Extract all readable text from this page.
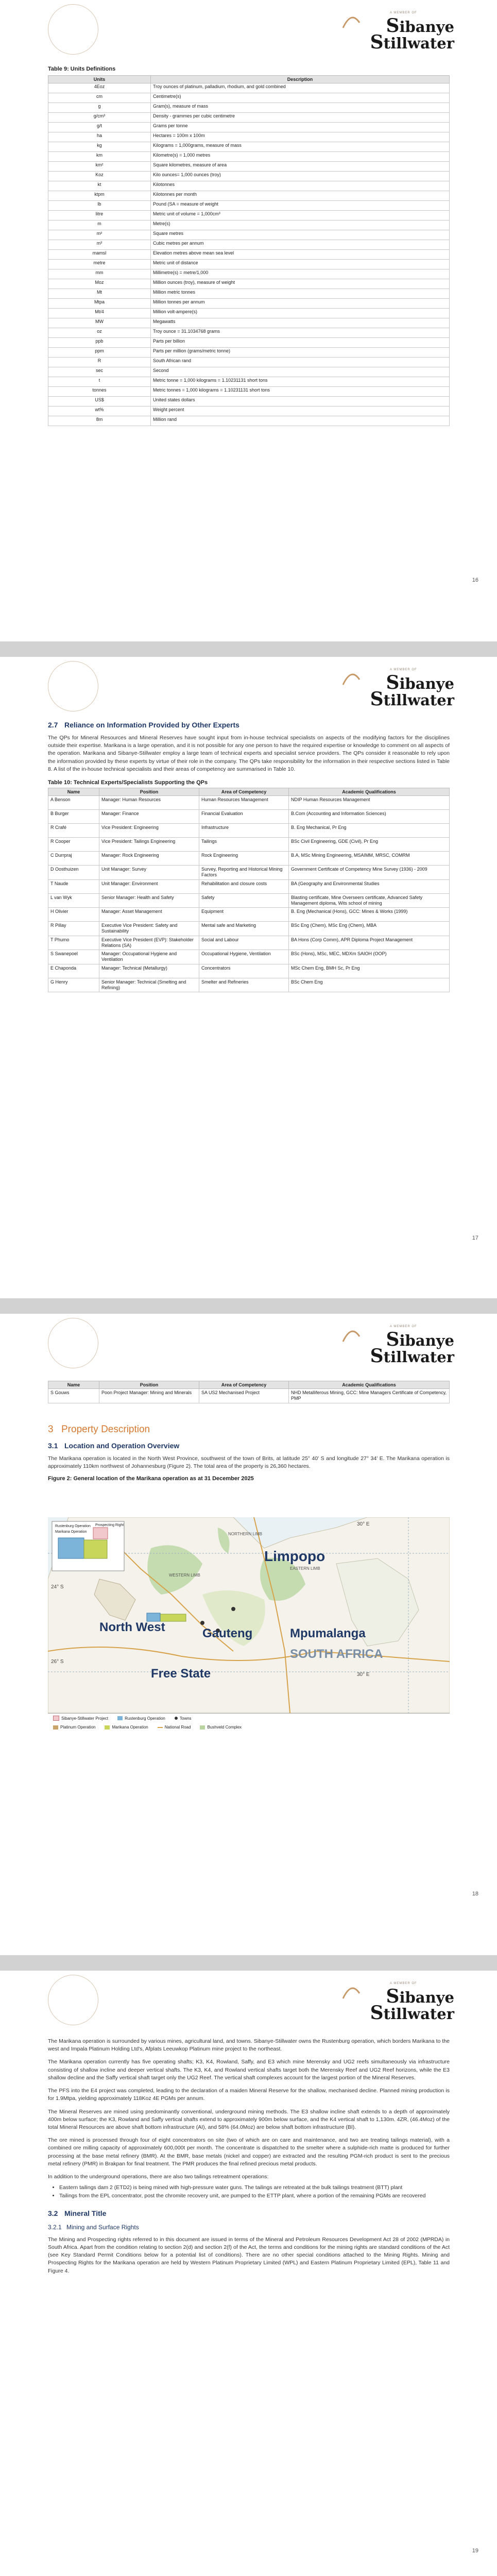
A MEMBER OF
Sibanye
Stillwater

Table 9: Units Definitions

Units	Description
4Eoz	Troy ounces of platinum, palladium, rhodium, and gold combined
cm	Centimetre(s)
g	Gram(s), measure of mass
g/cm³	Density - grammes per cubic centimetre
g/t	Grams per tonne
ha	Hectares = 100m x 100m
kg	Kilograms = 1,000grams, measure of mass
km	Kilometre(s) = 1,000 metres
km²	Square kilometres, measure of area
Koz	Kilo ounces= 1,000 ounces (troy)
kt	Kilotonnes
ktpm	Kilotonnes per month
lb	Pound (SA = measure of weight
litre	Metric unit of volume = 1,000cm³
m	Metre(s)
m²	Square metres
m³	Cubic metres per annum
mamsl	Elevation metres above mean sea level
metre	Metric unit of distance
mm	Millimetre(s) = metre/1,000
Moz	Million ounces (troy), measure of weight
Mt	Million metric tonnes
Mtpa	Million tonnes per annum
Mt/4	Million volt-ampere(s)
MW	Megawatts
oz	Troy ounce = 31.1034768 grams
ppb	Parts per billion
ppm	Parts per million (grams/metric tonne)
R	South African rand
sec	Second
t	Metric tonne = 1,000 kilograms = 1.10231131 short tons
tonnes	Metric tonnes = 1,000 kilograms = 1.10231131 short tons
US$	United states dollars
wt%	Weight percent
8m	Million rand
16
A MEMBER OF
Sibanye
Stillwater

2.7 Reliance on Information Provided by Other Experts

The QPs for Mineral Resources and Mineral Reserves have sought input from in-house technical specialists on aspects of the modifying factors for the disciplines outside their expertise. Marikana is a large operation, and it is not possible for any one person to have the required expertise or knowledge to comment on all aspects of the operation. Marikana and Sibanye-Stillwater employ a large team of technical experts and specialist service providers. The QPs consider it reasonable to rely upon the information provided by these experts by virtue of their role in the company. The QPs take responsibility for the information in their respective sections listed in Table 8. A list of the in-house technical specialists and their areas of competency are summarised in Table 10.

Table 10: Technical Experts/Specialists Supporting the QPs

Name	Position	Area of Competency	Academic Qualifications
A Benson	Manager: Human Resources	Human Resources Management	NDIP Human Resources Management
B Burger	Manager: Finance	Financial Evaluation	B.Com (Accounting and Information Sciences)
R Crafé	Vice President: Engineering	Infrastructure	B. Eng Mechanical, Pr Eng
R Cooper	Vice President: Tailings Engineering	Tailings	BSc Civil Engineering, GDE (Civil), Pr Eng
C Durrpraj	Manager: Rock Engineering	Rock Engineering	B.A, MSc Mining Engineering, MSAIMM, MRSC, COMRM
D Oosthuizen	Unit Manager: Survey	Survey, Reporting and Historical Mining Factors	Government Certificate of Competency Mine Survey (1936) - 2009
T Naude	Unit Manager: Environment	Rehabilitation and closure costs	BA (Geography and Environmental Studies
L van Wyk	Senior Manager: Health and Safety	Safety	Blasting certificate, Mine Overseers certificate, Advanced Safety Management diploma, Wits school of mining
H Olivier	Manager: Asset Management	Equipment	B. Eng (Mechanical (Hons), GCC: Mines & Works (1999)
R Pillay	Executive Vice President: Safety and Sustainability	Mental safe and Marketing	BSc Eng (Chem), MSc Eng (Chem), MBA
T Phumo	Executive Vice President (EVP): Stakeholder Relations (SA)	Social and Labour	BA Hons (Corp Comm), APR Diploma Project Management
S Swanepoel	Manager: Occupational Hygiene and Ventilation	Occupational Hygiene, Ventilation	BSc (Hons), MSc, MEC, MDXm SAIOH (OOP)
E Chaponda	Manager: Technical (Metallurgy)	Concentrators	MSc Chem Eng, BMH Sc, Pr Eng
G Henry	Senior Manager: Technical (Smelting and Refining)	Smelter and Refineries	BSc Chem Eng
17
A MEMBER OF
Sibanye
Stillwater
Name	Position	Area of Competency	Academic Qualifications
S Gouws	Poon Project Manager: Mining and Minerals	SA US2 Mechanised Project	NHD Metalliferous Mining, GCC: Mine Managers Certificate of Competency, PMP

3 Property Description

3.1 Location and Operation Overview

The Marikana operation is located in the North West Province, southwest of the town of Brits, at latitude 25° 40' S and longitude 27° 34' E. The Marikana operation is approximately 110km northwest of Johannesburg (Figure 2). The total area of the property is 26,360 hectares.

Figure 2: General location of the Marikana operation as at 31 December 2025

Rustenburg Operation
Marikana Operation
Prospecting Right
NORTHERN LIMB
EASTERN LIMB
WESTERN LIMB
30° E
30° E
24° S
26° S
Limpopo
North West	Gauteng	Mpumalanga
SOUTH AFRICA
Free State
Sibanye-Stillwater Project	Rustenburg Operation	Towns
Platinum Operation	Marikana Operation	National Road	Bushveld Complex
18
A MEMBER OF
Sibanye
Stillwater

The Marikana operation is surrounded by various mines, agricultural land, and towns. Sibanye-Stillwater owns the Rustenburg operation, which borders Marikana to the west and Impala Platinum Holding Ltd's, Afplats Leeuwkop Platinum mine project to the northeast.

The Marikana operation currently has five operating shafts; K3, K4, Rowland, Saffy, and E3 which mine Merensky and UG2 reefs simultaneously via infrastructure consisting of shallow incline and deeper vertical shafts. The K3, K4, and Rowland vertical shafts target both the Merensky Reef and UG2 Reef horizons, while the E3 shallow decline and the Saffy vertical shaft target only the UG2 Reef. The vertical shaft complexes account for the largest portion of the Mineral Reserves.

The PFS into the E4 project was completed, leading to the declaration of a maiden Mineral Reserve for the shallow, mechanised decline. Planned mining production is for 1.9Mtpa, yielding approximately 118Koz 4E PGMs per annum.

The Mineral Reserves are mined using predominantly conventional, underground mining methods. The E3 shallow incline shaft extends to a depth of approximately 400m below surface; the K3, Rowland and Saffy vertical shafts extend to approximately 900m below surface, and the K4 vertical shaft to 1,130m. 4ZR, (46.4Moz) of the total Mineral Resources are above shaft bottom infrastructure (AI), and 58% (64.0Moz) are below shaft bottom infrastructure (BI).

The ore mined is processed through four of eight concentrators on site (two of which are on care and maintenance, and two are treating tailings material), with a combined ore milling capacity of approximately 600,000t per month. The concentrate is dispatched to the smelter where a sulphide-rich matte is produced for further processing at the base metal refinery (BMR). At the BMR, base metals (nickel and copper) are extracted and the resulting PGM-rich product is sent to the precious metal refinery (PMR) in Brakpan for final treatment. The PMR produces the final refined precious metal products.

In addition to the underground operations, there are also two tailings retreatment operations:

• Eastern tailings dam 2 (ETD2) is being mined with high-pressure water guns. The tailings are retreated at the bulk tailings treatment (BTT) plant
• Tailings from the EPL concentrator, post the chromite recovery unit, are pumped to the ETTP plant, where a portion of the remaining PGMs are recovered

3.2 Mineral Title

3.2.1 Mining and Surface Rights

The Mining and Prospecting rights referred to in this document are issued in terms of the Mineral and Petroleum Resources Development Act 28 of 2002 (MPRDA) in South Africa. Apart from the condition relating to section 2(d) and section 2(f) of the Act, the terms and conditions for the mining rights are standard conditions of the Act (see Key Standard Permit Conditions below for a potential list of conditions). There are no other special conditions attached to the Mining Rights. Mining and Prospecting Rights for the Marikana operation are held by Western Platinum Proprietary Limited (WPL) and Eastern Platinum Proprietary Limited (EPL), Table 11 and Figure 4.

19
